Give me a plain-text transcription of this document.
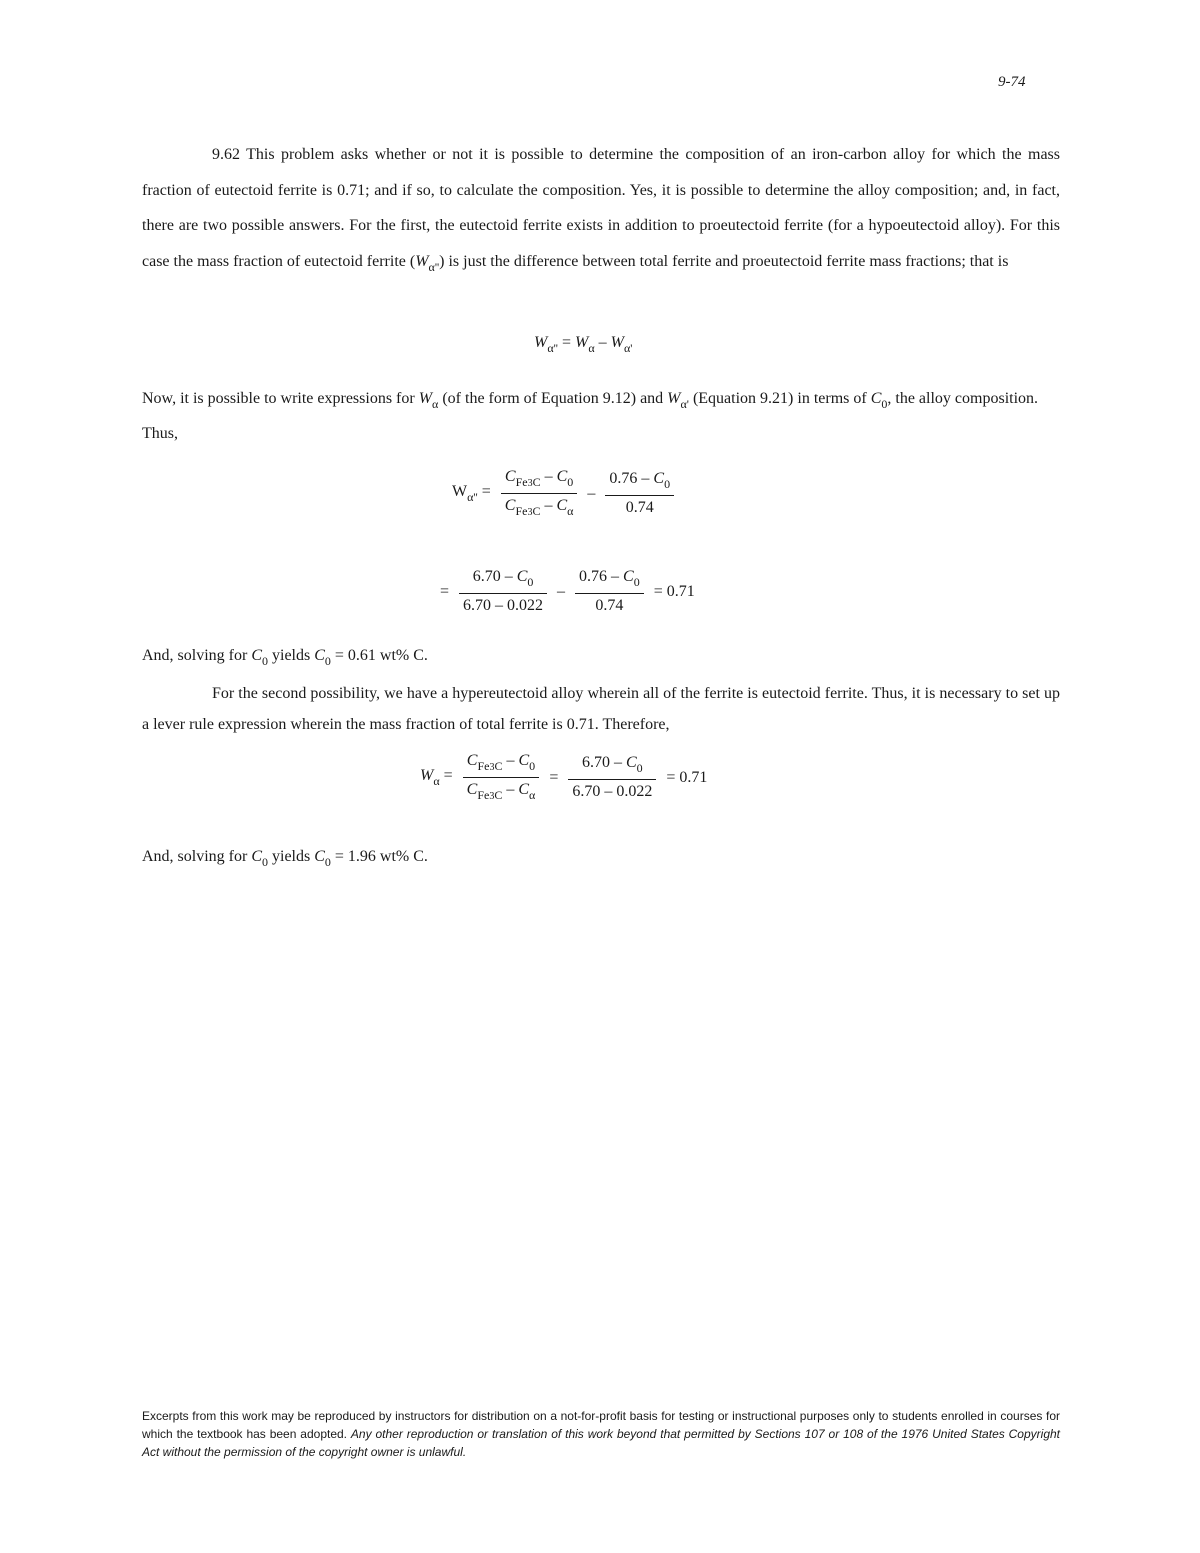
9-74

9.62 This problem asks whether or not it is possible to determine the composition of an iron-carbon alloy for which the mass fraction of eutectoid ferrite is 0.71; and if so, to calculate the composition. Yes, it is possible to determine the alloy composition; and, in fact, there are two possible answers. For the first, the eutectoid ferrite exists in addition to proeutectoid ferrite (for a hypoeutectoid alloy). For this case the mass fraction of eutectoid ferrite $(W_{\alpha''})$ is just the difference between total ferrite and proeutectoid ferrite mass fractions; that is

$W_{\alpha''} = W_\alpha - W_{\alpha'}$

Now, it is possible to write expressions for $W_\alpha$ (of the form of Equation 9.12) and $W_{\alpha'}$ (Equation 9.21) in terms of $C_0$, the alloy composition. Thus,

$W_{\alpha''} = \frac{C_{Fe3C} - C_0}{C_{Fe3C} - C_\alpha} - \frac{0.76 - C_0}{0.74}$
= $\frac{6.70 - C_0}{6.70 - 0.022} - \frac{0.76 - C_0}{0.74} = 0.71$

And, solving for $C_0$ yields $C_0 = 0.61$ wt% C.

For the second possibility, we have a hypereutectoid alloy wherein all of the ferrite is eutectoid ferrite. Thus, it is necessary to set up a lever rule expression wherein the mass fraction of total ferrite is 0.71. Therefore,

$W_\alpha = \frac{C_{Fe3C} - C_0}{C_{Fe3C} - C_\alpha} = \frac{6.70 - C_0}{6.70 - 0.022} = 0.71$

And, solving for $C_0$ yields $C_0 = 1.96$ wt% C.

Excerpts from this work may be reproduced by instructors for distribution on a not-for-profit basis for testing or instructional purposes only to students enrolled in courses for which the textbook has been adopted. Any other reproduction or translation of this work beyond that permitted by Sections 107 or 108 of the 1976 United States Copyright Act without the permission of the copyright owner is unlawful.
